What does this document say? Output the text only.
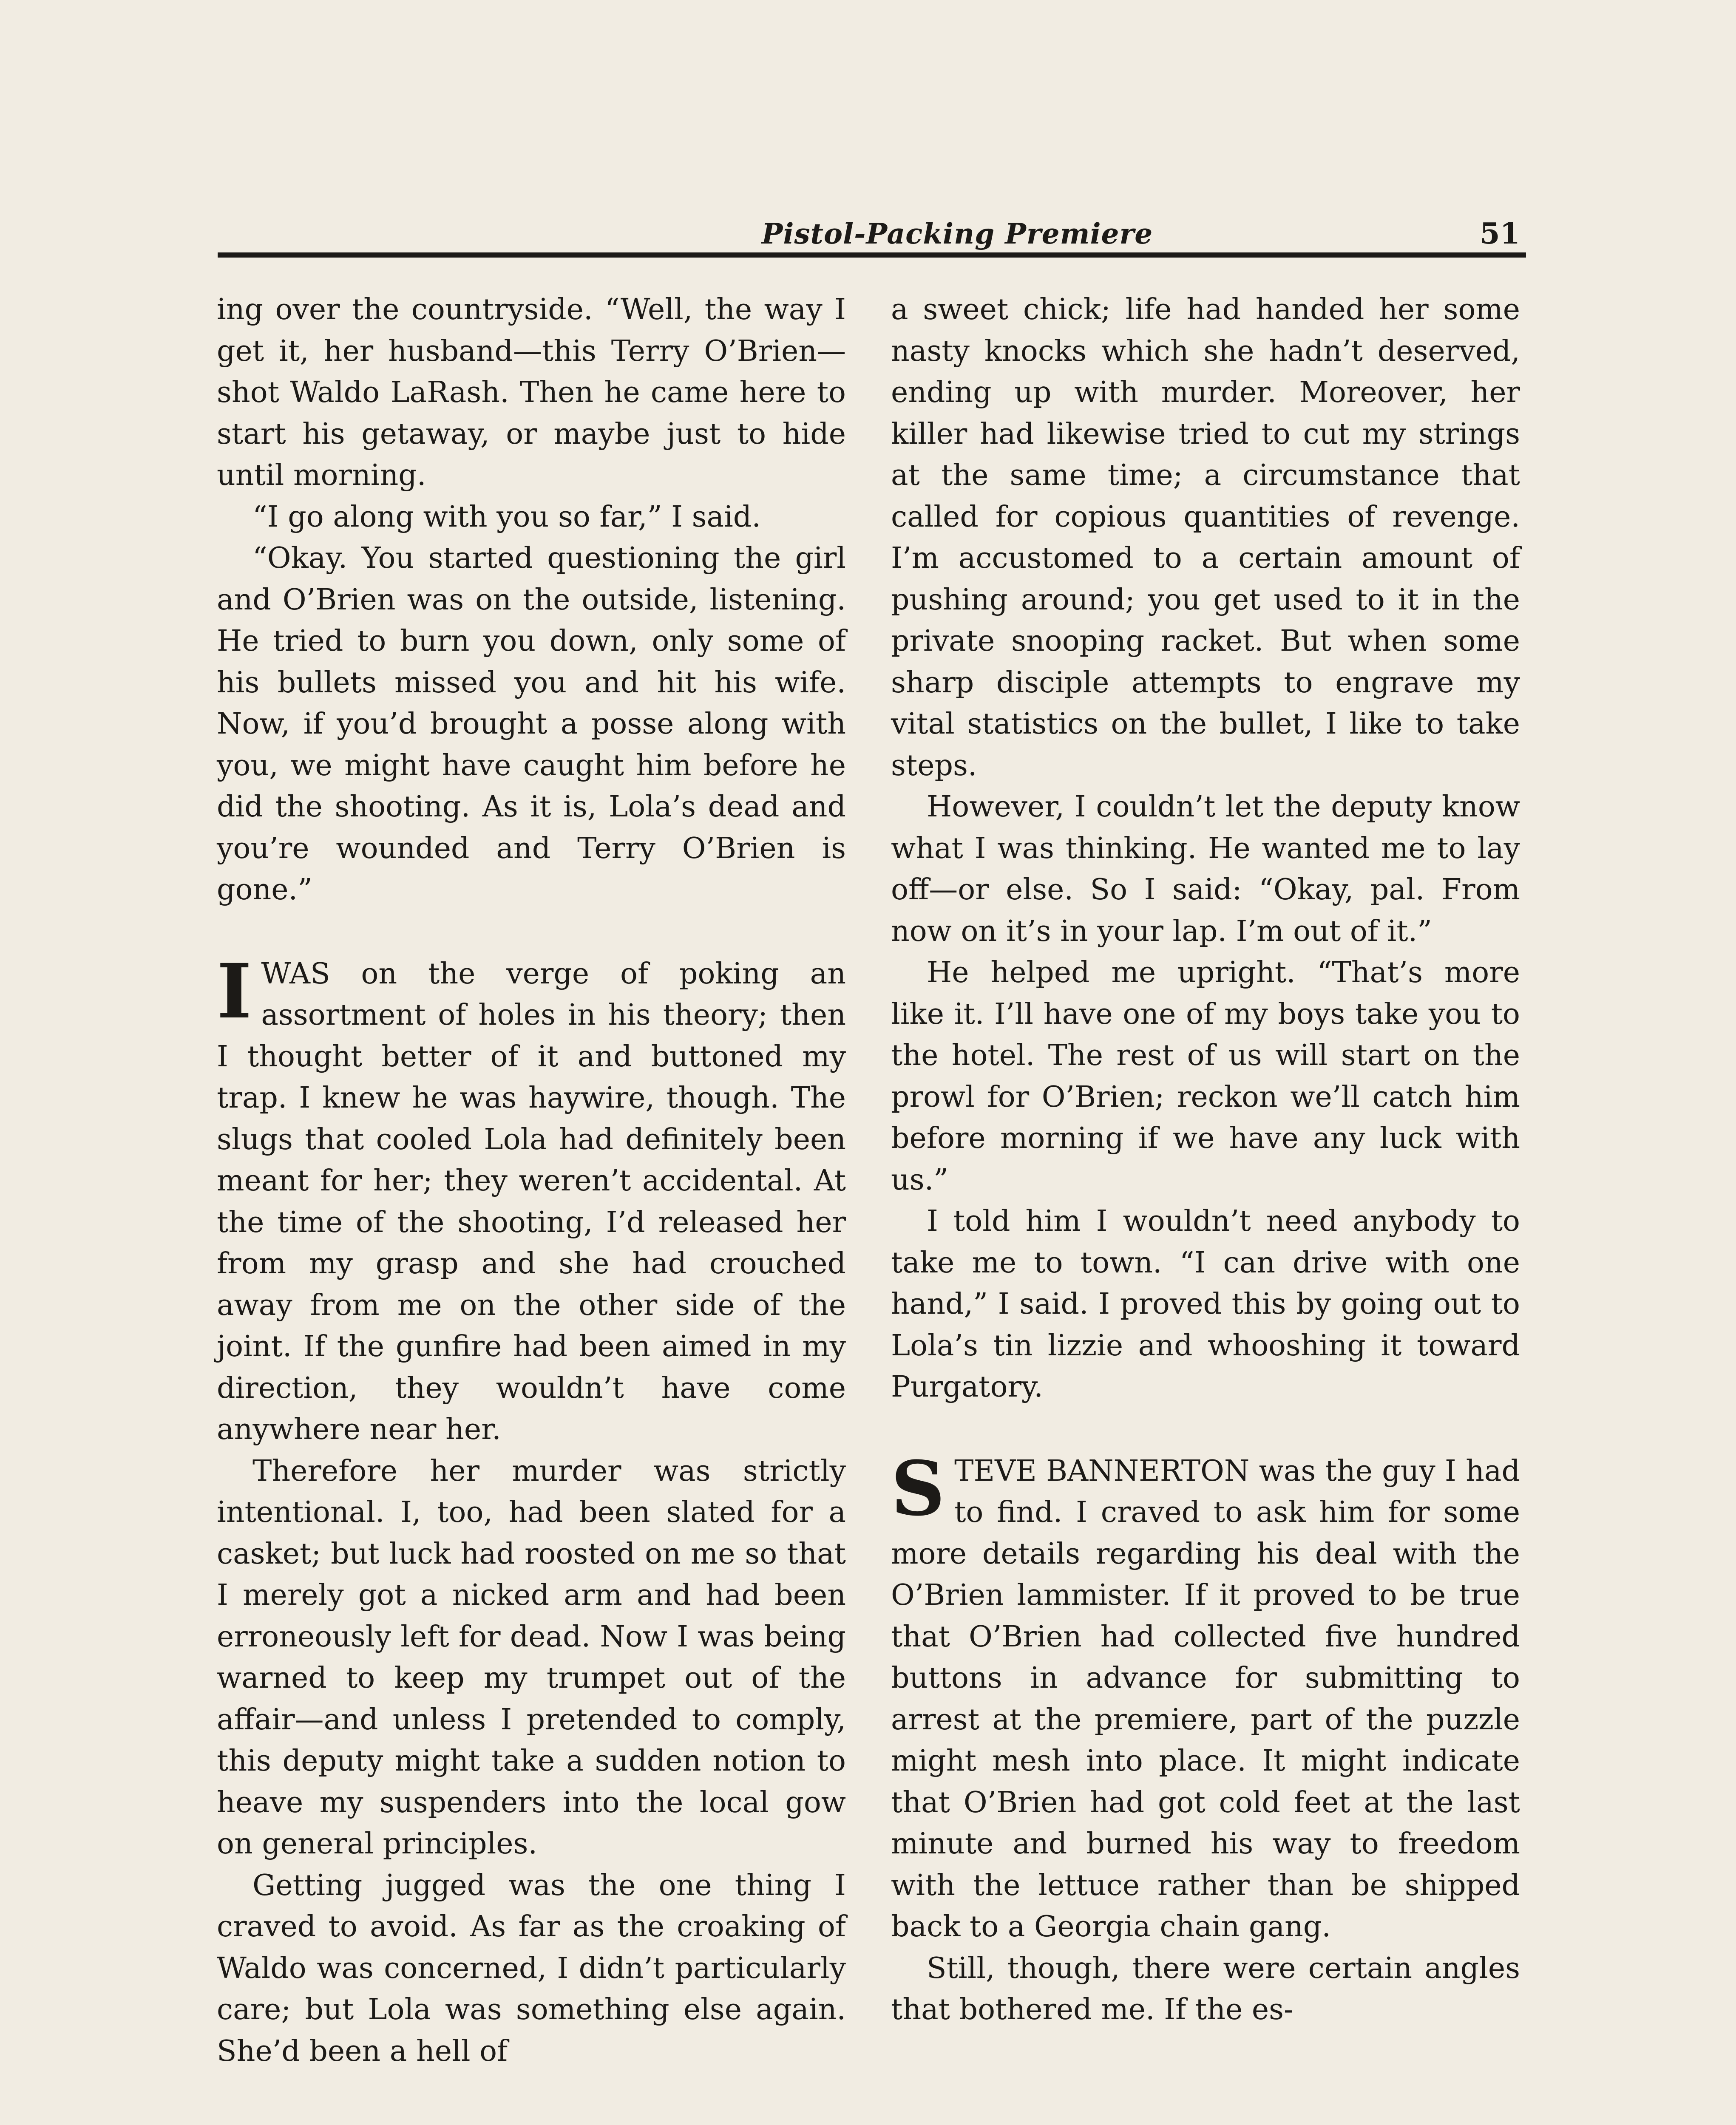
Pistol-Packing Premiere	51

ing over the countryside. “Well, the way I get it, her husband—this Terry O’Brien—shot Waldo LaRash. Then he came here to start his getaway, or maybe just to hide until morning.

“I go along with you so far,” I said.

“Okay. You started questioning the girl and O’Brien was on the outside, listening. He tried to burn you down, only some of his bullets missed you and hit his wife. Now, if you’d brought a posse along with you, we might have caught him before he did the shooting. As it is, Lola’s dead and you’re wounded and Terry O’Brien is gone.”

IWAS on the verge of poking an assortment of holes in his theory; then I thought better of it and buttoned my trap. I knew he was haywire, though. The slugs that cooled Lola had definitely been meant for her; they weren’t accidental. At the time of the shooting, I’d released her from my grasp and she had crouched away from me on the other side of the joint. If the gunfire had been aimed in my direction, they wouldn’t have come anywhere near her.

Therefore her murder was strictly intentional. I, too, had been slated for a casket; but luck had roosted on me so that I merely got a nicked arm and had been erroneously left for dead. Now I was being warned to keep my trumpet out of the affair—and unless I pretended to comply, this deputy might take a sudden notion to heave my suspenders into the local gow on general principles.

Getting jugged was the one thing I craved to avoid. As far as the croaking of Waldo was concerned, I didn’t particularly care; but Lola was something else again. She’d been a hell of

a sweet chick; life had handed her some nasty knocks which she hadn’t deserved, ending up with murder. Moreover, her killer had likewise tried to cut my strings at the same time; a circumstance that called for copious quantities of revenge. I’m accustomed to a certain amount of pushing around; you get used to it in the private snooping racket. But when some sharp disciple attempts to engrave my vital statistics on the bullet, I like to take steps.

However, I couldn’t let the deputy know what I was thinking. He wanted me to lay off—or else. So I said: “Okay, pal. From now on it’s in your lap. I’m out of it.”

He helped me upright. “That’s more like it. I’ll have one of my boys take you to the hotel. The rest of us will start on the prowl for O’Brien; reckon we’ll catch him before morning if we have any luck with us.”

I told him I wouldn’t need anybody to take me to town. “I can drive with one hand,” I said. I proved this by going out to Lola’s tin lizzie and whooshing it toward Purgatory.

STEVE BANNERTON was the guy I had to find. I craved to ask him for some more details regarding his deal with the O’Brien lammister. If it proved to be true that O’Brien had collected five hundred buttons in advance for submitting to arrest at the premiere, part of the puzzle might mesh into place. It might indicate that O’Brien had got cold feet at the last minute and burned his way to freedom with the lettuce rather than be shipped back to a Georgia chain gang.

Still, though, there were certain angles that bothered me. If the es-
